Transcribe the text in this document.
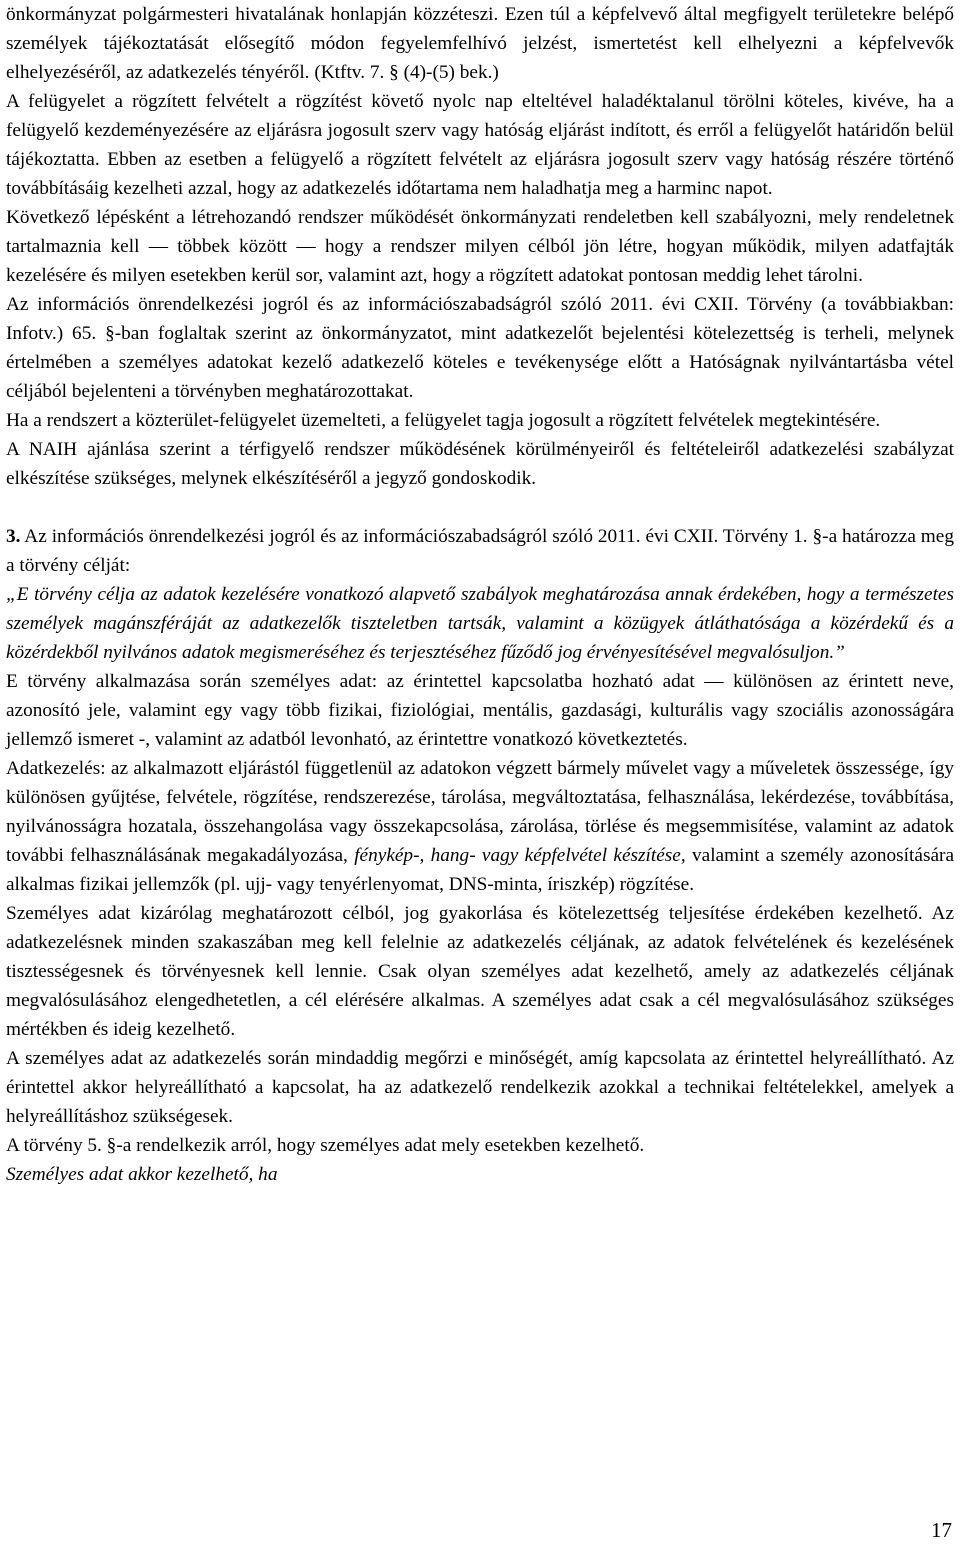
önkormányzat polgármesteri hivatalának honlapján közzéteszi. Ezen túl a képfelvevő által megfigyelt területekre belépő személyek tájékoztatását elősegítő módon fegyelemfelhívó jelzést, ismertetést kell elhelyezni a képfelvevők elhelyezéséről, az adatkezelés tényéről. (Ktftv. 7. § (4)-(5) bek.)

A felügyelet a rögzített felvételt a rögzítést követő nyolc nap elteltével haladéktalanul törölni köteles, kivéve, ha a felügyelő kezdeményezésére az eljárásra jogosult szerv vagy hatóság eljárást indított, és erről a felügyelőt határidőn belül tájékoztatta. Ebben az esetben a felügyelő a rögzített felvételt az eljárásra jogosult szerv vagy hatóság részére történő továbbításáig kezelheti azzal, hogy az adatkezelés időtartama nem haladhatja meg a harminc napot.

Következő lépésként a létrehozandó rendszer működését önkormányzati rendeletben kell szabályozni, mely rendeletnek tartalmaznia kell — többek között — hogy a rendszer milyen célból jön létre, hogyan működik, milyen adatfajták kezelésére és milyen esetekben kerül sor, valamint azt, hogy a rögzített adatokat pontosan meddig lehet tárolni.

Az információs önrendelkezési jogról és az információszabadságról szóló 2011. évi CXII. Törvény (a továbbiakban: Infotv.) 65. §-ban foglaltak szerint az önkormányzatot, mint adatkezelőt bejelentési kötelezettség is terheli, melynek értelmében a személyes adatokat kezelő adatkezelő köteles e tevékenysége előtt a Hatóságnak nyilvántartásba vétel céljából bejelenteni a törvényben meghatározottakat.

Ha a rendszert a közterület-felügyelet üzemelteti, a felügyelet tagja jogosult a rögzített felvételek megtekintésére.

A NAIH ajánlása szerint a térfigyelő rendszer működésének körülményeiről és feltételeiről adatkezelési szabályzat elkészítése szükséges, melynek elkészítéséről a jegyző gondoskodik.

3. Az információs önrendelkezési jogról és az információszabadságról szóló 2011. évi CXII. Törvény 1. §-a határozza meg a törvény célját:

„E törvény célja az adatok kezelésére vonatkozó alapvető szabályok meghatározása annak érdekében, hogy a természetes személyek magánszféráját az adatkezelők tiszteletben tartsák, valamint a közügyek átláthatósága a közérdekű és a közérdekből nyilvános adatok megismeréséhez és terjesztéséhez fűződő jog érvényesítésével megvalósuljon.”

E törvény alkalmazása során személyes adat: az érintettel kapcsolatba hozható adat — különösen az érintett neve, azonosító jele, valamint egy vagy több fizikai, fiziológiai, mentális, gazdasági, kulturális vagy szociális azonosságára jellemző ismeret -, valamint az adatból levonható, az érintettre vonatkozó következtetés.

Adatkezelés: az alkalmazott eljárástól függetlenül az adatokon végzett bármely művelet vagy a műveletek összessége, így különösen gyűjtése, felvétele, rögzítése, rendszerezése, tárolása, megváltoztatása, felhasználása, lekérdezése, továbbítása, nyilvánosságra hozatala, összehangolása vagy összekapcsolása, zárolása, törlése és megsemmisítése, valamint az adatok további felhasználásának megakadályozása, fénykép-, hang- vagy képfelvétel készítése, valamint a személy azonosítására alkalmas fizikai jellemzők (pl. ujj- vagy tenyérlenyomat, DNS-minta, íriszkép) rögzítése.

Személyes adat kizárólag meghatározott célból, jog gyakorlása és kötelezettség teljesítése érdekében kezelhető. Az adatkezelésnek minden szakaszában meg kell felelnie az adatkezelés céljának, az adatok felvételének és kezelésének tisztességesnek és törvényesnek kell lennie. Csak olyan személyes adat kezelhető, amely az adatkezelés céljának megvalósulásához elengedhetetlen, a cél elérésére alkalmas. A személyes adat csak a cél megvalósulásához szükséges mértékben és ideig kezelhető.

A személyes adat az adatkezelés során mindaddig megőrzi e minőségét, amíg kapcsolata az érintettel helyreállítható. Az érintettel akkor helyreállítható a kapcsolat, ha az adatkezelő rendelkezik azokkal a technikai feltételekkel, amelyek a helyreállításhoz szükségesek.

A törvény 5. §-a rendelkezik arról, hogy személyes adat mely esetekben kezelhető.

Személyes adat akkor kezelhető, ha

17
